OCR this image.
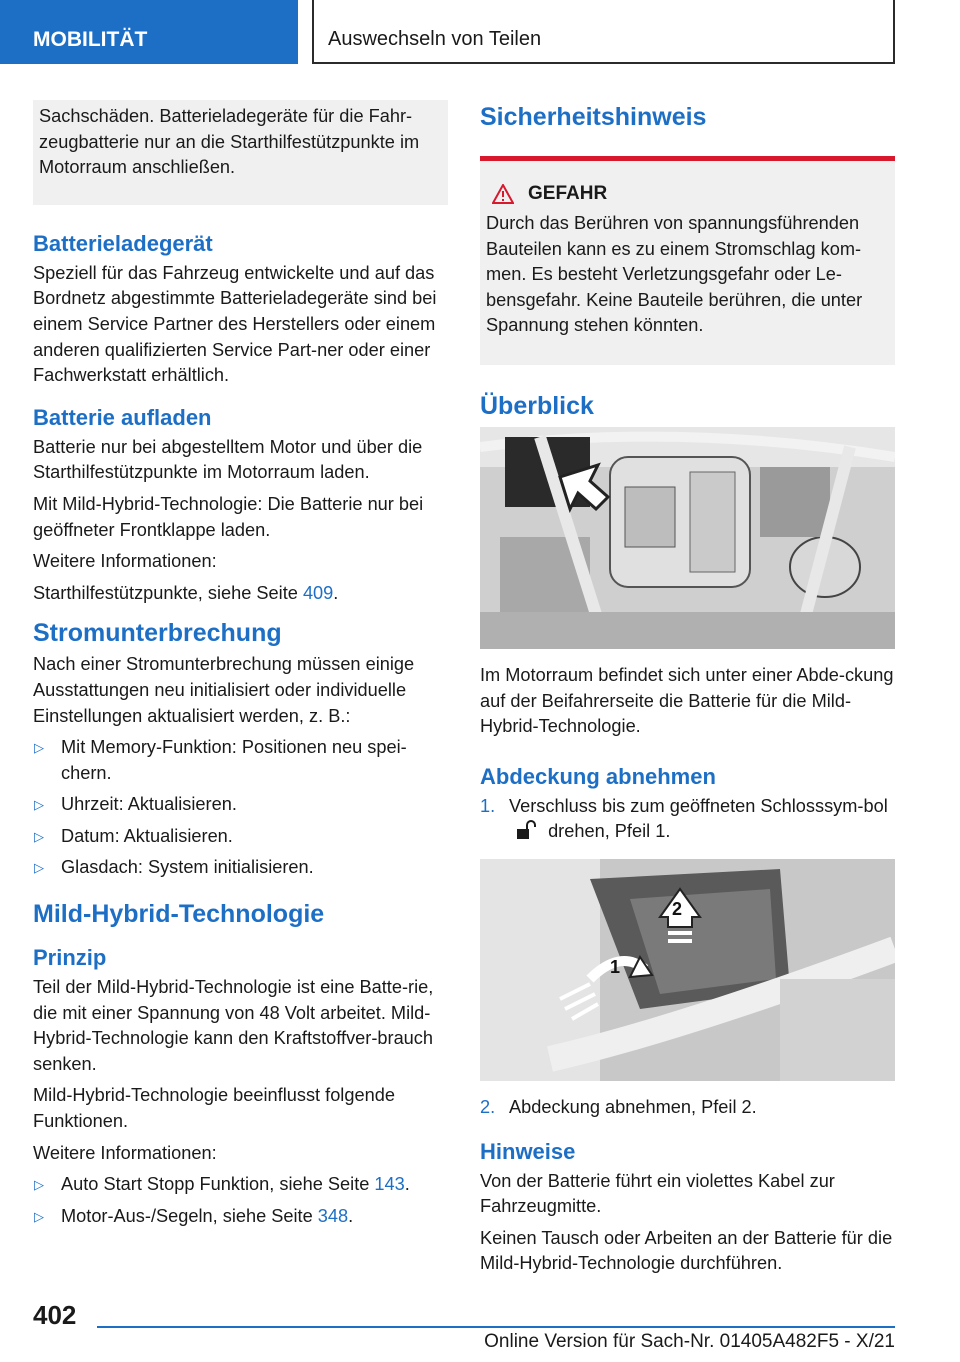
MOBILITÄT	Auswechseln von Teilen

Sachschäden. Batterieladegeräte für die Fahr-zeugbatterie nur an die Starthilfestützpunkte im Motorraum anschließen.

Batterieladegerät

Speziell für das Fahrzeug entwickelte und auf das Bordnetz abgestimmte Batterieladegeräte sind bei einem Service Partner des Herstellers oder einem anderen qualifizierten Service Part-ner oder einer Fachwerkstatt erhältlich.

Batterie aufladen

Batterie nur bei abgestelltem Motor und über die Starthilfestützpunkte im Motorraum laden.

Mit Mild-Hybrid-Technologie: Die Batterie nur bei geöffneter Frontklappe laden.

Weitere Informationen:

Starthilfestützpunkte, siehe Seite 409.

Stromunterbrechung

Nach einer Stromunterbrechung müssen einige Ausstattungen neu initialisiert oder individuelle Einstellungen aktualisiert werden, z. B.:

▷ Mit Memory-Funktion: Positionen neu spei-chern.
▷ Uhrzeit: Aktualisieren.
▷ Datum: Aktualisieren.
▷ Glasdach: System initialisieren.
Mild-Hybrid-Technologie
Prinzip

Teil der Mild-Hybrid-Technologie ist eine Batte-rie, die mit einer Spannung von 48 Volt arbeitet. Mild-Hybrid-Technologie kann den Kraftstoffver-brauch senken.

Mild-Hybrid-Technologie beeinflusst folgende Funktionen.

Weitere Informationen:

▷ Auto Start Stopp Funktion, siehe Seite 143.
▷ Motor-Aus-/Segeln, siehe Seite 348.
Sicherheitshinweis
GEFAHR

Durch das Berühren von spannungsführenden Bauteilen kann es zu einem Stromschlag kom-men. Es besteht Verletzungsgefahr oder Le-bensgefahr. Keine Bauteile berühren, die unter Spannung stehen könnten.

Überblick

Im Motorraum befindet sich unter einer Abde-ckung auf der Beifahrerseite die Batterie für die Mild-Hybrid-Technologie.

Abdeckung abnehmen
1. Verschluss bis zum geöffneten Schlosssym-bol  drehen, Pfeil 1.
2
1
2. Abdeckung abnehmen, Pfeil 2.
Hinweise

Von der Batterie führt ein violettes Kabel zur Fahrzeugmitte.

Keinen Tausch oder Arbeiten an der Batterie für die Mild-Hybrid-Technologie durchführen.

402
Online Version für Sach-Nr. 01405A482F5 - X/21
